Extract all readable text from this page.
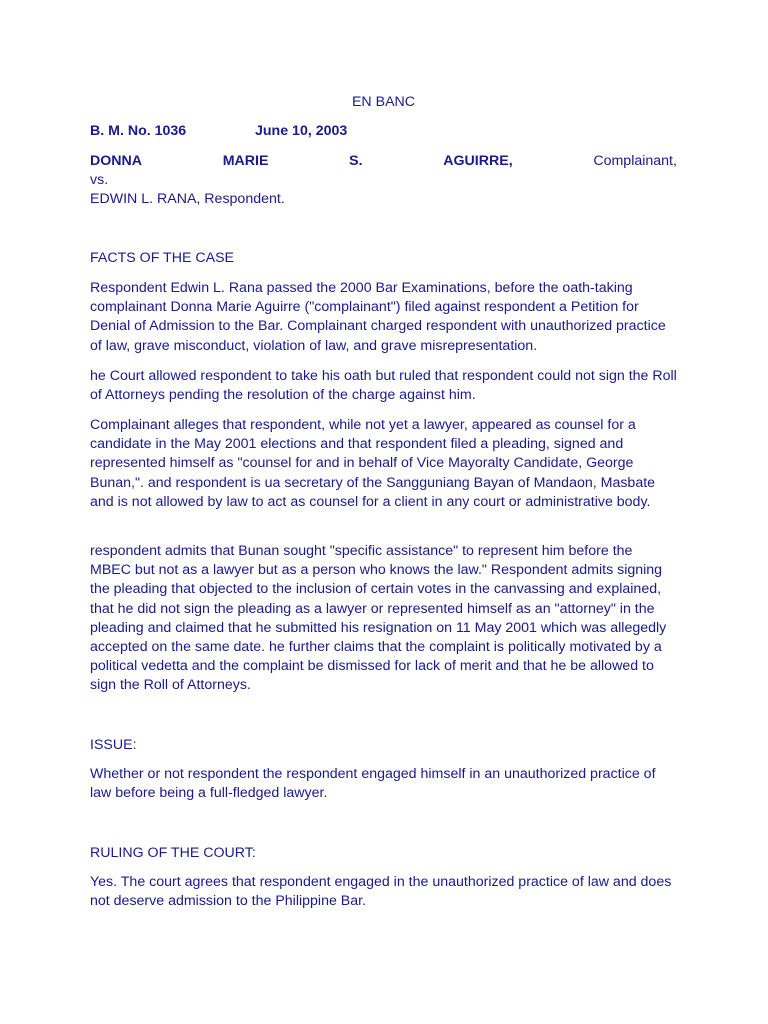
EN BANC
B. M. No. 1036	June 10, 2003
DONNA	MARIE	S.	AGUIRRE,	Complainant,
vs.
EDWIN L. RANA, Respondent.
FACTS OF THE CASE

Respondent Edwin L. Rana passed the 2000 Bar Examinations, before the oath-taking complainant Donna Marie Aguirre ("complainant") filed against respondent a Petition for Denial of Admission to the Bar. Complainant charged respondent with unauthorized practice of law, grave misconduct, violation of law, and grave misrepresentation.

he Court allowed respondent to take his oath but ruled that respondent could not sign the Roll of Attorneys pending the resolution of the charge against him.

Complainant alleges that respondent, while not yet a lawyer, appeared as counsel for a candidate in the May 2001 elections and that respondent filed a pleading, signed and represented himself as "counsel for and in behalf of Vice Mayoralty Candidate, George Bunan,". and respondent is ua secretary of the Sangguniang Bayan of Mandaon, Masbate and is not allowed by law to act as counsel for a client in any court or administrative body.

respondent admits that Bunan sought "specific assistance" to represent him before the MBEC but not as a lawyer but as a person who knows the law." Respondent admits signing the pleading that objected to the inclusion of certain votes in the canvassing and explained, that he did not sign the pleading as a lawyer or represented himself as an "attorney" in the pleading and claimed that he submitted his resignation on 11 May 2001 which was allegedly accepted on the same date. he further claims that the complaint is politically motivated by a political vedetta and the complaint be dismissed for lack of merit and that he be allowed to sign the Roll of Attorneys.

ISSUE:

Whether or not respondent the respondent engaged himself in an unauthorized practice of law before being a full-fledged lawyer.

RULING OF THE COURT:

Yes. The court agrees that respondent engaged in the unauthorized practice of law and does not deserve admission to the Philippine Bar.
